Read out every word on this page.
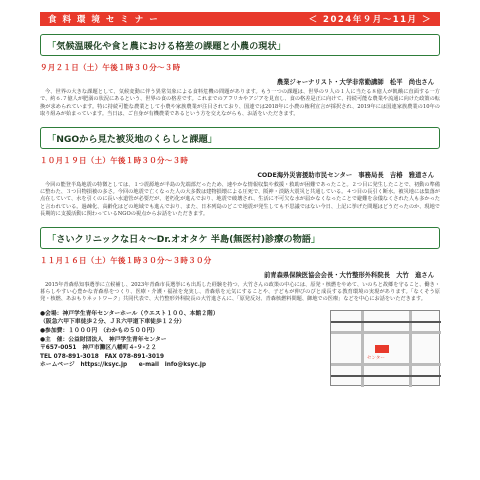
食 料 環 境 セ ミ ナ ー	＜ 2024年９月～11月 ＞
「気候温暖化や食と農における格差の課題と小農の現状」
９月２１日（土）午後１時３０分～３時
農業ジャーナリスト・大学非常勤講師　松平　尚也さん

今、世界の大きな課題として、気候変動に伴う異常気象による食料危機の問題があります。もう一つの課題は、世界の９人の１人に当たる８億人が飢餓に直面する一方で、約６.７億人が肥満の状況にあるという、世界の食の格差です。これまでのアフリカやアジアを見直し、食の格差是正に向けて、持続可能な農業や流通に向けた政策の転換が求められています。特に持続可能な農業として小農や家族農業が注目されており、国連では2018年に小農の権利宣言が採択され、2019年には国連家族農業の10年の取り組みが始まっています。当日は、ご自身が有機農業であるという方を交えながらも、お話をいただきます。

「NGOから見た被災地のくらしと課題」
１０月１９日（土）午後１時３０分～３時
CODE海外災害援助市民センター　事務局長　吉椿　雅道さん

今回の能登半島地震の特徴としては、１つ震源地が半島の先端部だったため、速やかな情報収集や救援・救助が困難であったこと。２つ目に発生したことで、初動の準備に整わた、３つ目物損被の多さ。今回の地震で亡くなった人の大多数は建物損壊による圧死で、阪神・淡路大震災と共通している。４つ目の長引く断水。被災地には集落が点在していて、水を引くのに長い水道管が必要だが、老朽化が進んでおり、地震で破壊され、生活に不可欠な水が届かなくなったことで避難を余儀なくされた人も多かったと言われている。過疎化、高齢化はどの地域でも進んでおり、また、日本列島のどこで地震が発生しても不思議ではない今日、上記に挙げた問題はどうだったのか、現地で長期的に支援活動に関わっているNGOの視点からお話をいただきます。

「さいクリニックな日々～Dr.オオタケ 半島(無医村)診療の物語」
１１月１６日（土）午後１時３０分～３時３０分
前青森県保険医協会会長・大竹整形外科院長　大竹　進さん

2015年青森県知事選挙に立候補し、2023年青森市長選挙にも出馬した経験を持つ、大竹さんの政策の中心には、原発・核燃をやめて、いのちと故郷を守ること、働き・暮らしやすい心豊かな青森県をつくり、医療・介護・福祉を充実し、青森県を元気にすることや、子どもが伸びのびと成長する教育環境の実現があります。「なくそう原発・核燃、あおもりネットワーク」共同代表で、大竹整形外科院長の大竹進さんに、「原発反対、青森核燃料問題、御地での医療」などを中心にお話をいただきます。

●会場：神戸学生青年センターホール（ウエスト１００、本館２階）
（阪急六甲下車徒歩２分、ＪＲ六甲道下車徒歩１２分）
●参加費：１０００円　（わかもの５００円）
●主　催：公益財団法人　神戸学生青年センター
〒657-0051　神戸市灘区八幡町４-９-２２
TEL 078-891-3018　FAX 078-891-3019
ホームページ　https://ksyc.jp　　e-mail　info@ksyc.jp
センター
